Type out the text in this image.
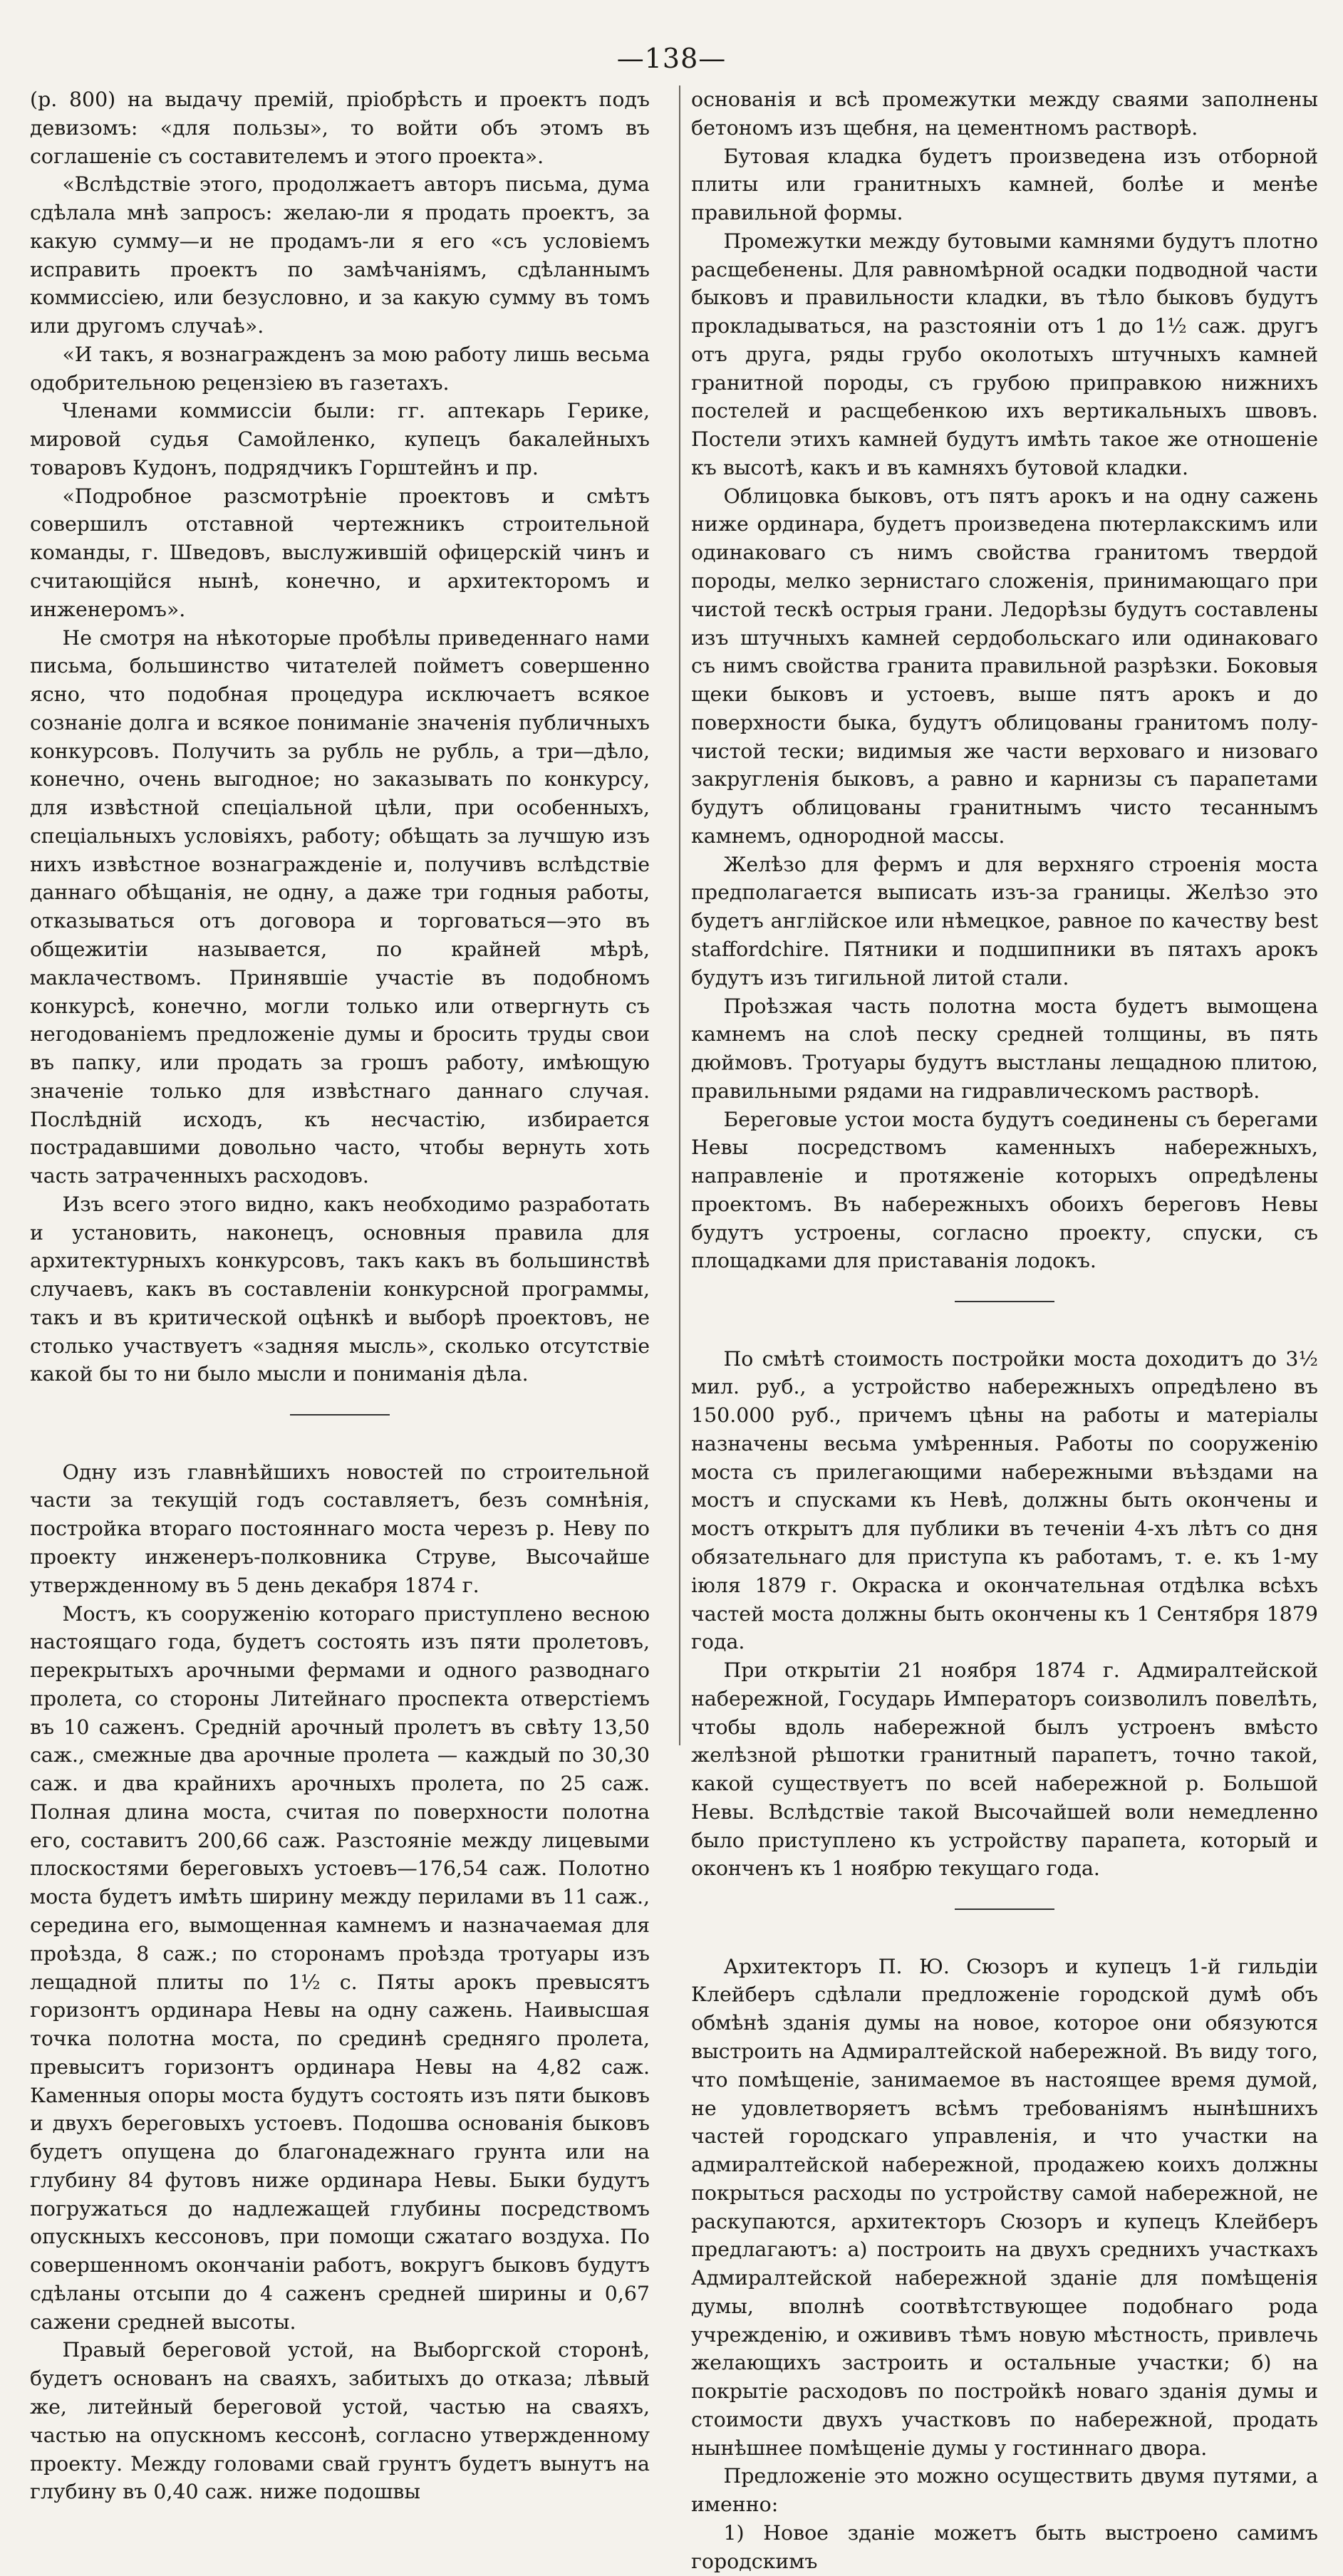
—138—

(р. 800) на выдачу премій, пріобрѣсть и проектъ подъ девизомъ: «для пользы», то войти объ этомъ въ соглашеніе съ составителемъ и этого проекта».

«Вслѣдствіе этого, продолжаетъ авторъ письма, дума сдѣлала мнѣ запросъ: желаю-ли я продать проектъ, за какую сумму—и не продамъ-ли я его «съ условіемъ исправить проектъ по замѣчаніямъ, сдѣланнымъ коммиссіею, или безусловно, и за какую сумму въ томъ или другомъ случаѣ».

«И такъ, я вознагражденъ за мою работу лишь весьма одобрительною рецензіею въ газетахъ.

Членами коммиссіи были: гг. аптекарь Герике, мировой судья Самойленко, купецъ бакалейныхъ товаровъ Кудонъ, подрядчикъ Горштейнъ и пр.

«Подробное разсмотрѣніе проектовъ и смѣтъ совершилъ отставной чертежникъ строительной команды, г. Шведовъ, выслужившій офицерскій чинъ и считающійся нынѣ, конечно, и архитекторомъ и инженеромъ».

Не смотря на нѣкоторые пробѣлы приведеннаго нами письма, большинство читателей пойметъ совершенно ясно, что подобная процедура исключаетъ всякое сознаніе долга и всякое пониманіе значенія публичныхъ конкурсовъ. Получить за рубль не рубль, а три—дѣло, конечно, очень выгодное; но заказывать по конкурсу, для извѣстной спеціальной цѣли, при особенныхъ, спеціальныхъ условіяхъ, работу; обѣщать за лучшую изъ нихъ извѣстное вознагражденіе и, получивъ вслѣдствіе даннаго обѣщанія, не одну, а даже три годныя работы, отказываться отъ договора и торговаться—это въ общежитіи называется, по крайней мѣрѣ, маклачествомъ. Принявшіе участіе въ подобномъ конкурсѣ, конечно, могли только или отвергнуть съ негодованіемъ предложеніе думы и бросить труды свои въ папку, или продать за грошъ работу, имѣющую значеніе только для извѣстнаго даннаго случая. Послѣдній исходъ, къ несчастію, избирается пострадавшими довольно часто, чтобы вернуть хоть часть затраченныхъ расходовъ.

Изъ всего этого видно, какъ необходимо разработать и установить, наконецъ, основныя правила для архитектурныхъ конкурсовъ, такъ какъ въ большинствѣ случаевъ, какъ въ составленіи конкурсной программы, такъ и въ критической оцѣнкѣ и выборѣ проектовъ, не столько участвуетъ «задняя мысль», сколько отсутствіе какой бы то ни было мысли и пониманія дѣла.

Одну изъ главнѣйшихъ новостей по строительной части за текущій годъ составляетъ, безъ сомнѣнія, постройка втораго постояннаго моста черезъ р. Неву по проекту инженеръ-полковника Струве, Высочайше утвержденному въ 5 день декабря 1874 г.

Мостъ, къ сооруженію котораго приступлено весною настоящаго года, будетъ состоять изъ пяти пролетовъ, перекрытыхъ арочными фермами и одного разводнаго пролета, со стороны Литейнаго проспекта отверстіемъ въ 10 саженъ. Средній арочный пролетъ въ свѣту 13,50 саж., смежные два арочные пролета — каждый по 30,30 саж. и два крайнихъ арочныхъ пролета, по 25 саж. Полная длина моста, считая по поверхности полотна его, составитъ 200,66 саж. Разстояніе между лицевыми плоскостями береговыхъ устоевъ—176,54 саж. Полотно моста будетъ имѣть ширину между перилами въ 11 саж., середина его, вымощенная камнемъ и назначаемая для проѣзда, 8 саж.; по сторонамъ проѣзда тротуары изъ лещадной плиты по 1½ с. Пяты арокъ превысятъ горизонтъ ординара Невы на одну сажень. Наивысшая точка полотна моста, по срединѣ средняго пролета, превыситъ горизонтъ ординара Невы на 4,82 саж. Каменныя опоры моста будутъ состоять изъ пяти быковъ и двухъ береговыхъ устоевъ. Подошва основанія быковъ будетъ опущена до благонадежнаго грунта или на глубину 84 футовъ ниже ординара Невы. Быки будутъ погружаться до надлежащей глубины посредствомъ опускныхъ кессоновъ, при помощи сжатаго воздуха. По совершенномъ окончаніи работъ, вокругъ быковъ будутъ сдѣланы отсыпи до 4 саженъ средней ширины и 0,67 сажени средней высоты.

Правый береговой устой, на Выборгской сторонѣ, будетъ основанъ на сваяхъ, забитыхъ до отказа; лѣвый же, литейный береговой устой, частью на сваяхъ, частью на опускномъ кессонѣ, согласно утвержденному проекту. Между головами свай грунтъ будетъ вынутъ на глубину въ 0,40 саж. ниже подошвы

основанія и всѣ промежутки между сваями заполнены бетономъ изъ щебня, на цементномъ растворѣ.

Бутовая кладка будетъ произведена изъ отборной плиты или гранитныхъ камней, болѣе и менѣе правильной формы.

Промежутки между бутовыми камнями будутъ плотно расщебенены. Для равномѣрной осадки подводной части быковъ и правильности кладки, въ тѣло быковъ будутъ прокладываться, на разстояніи отъ 1 до 1½ саж. другъ отъ друга, ряды грубо околотыхъ штучныхъ камней гранитной породы, съ грубою приправкою нижнихъ постелей и расщебенкою ихъ вертикальныхъ швовъ. Постели этихъ камней будутъ имѣть такое же отношеніе къ высотѣ, какъ и въ камняхъ бутовой кладки.

Облицовка быковъ, отъ пятъ арокъ и на одну сажень ниже ординара, будетъ произведена пютерлакскимъ или одинаковаго съ нимъ свойства гранитомъ твердой породы, мелко зернистаго сложенія, принимающаго при чистой тескѣ острыя грани. Ледорѣзы будутъ составлены изъ штучныхъ камней сердобольскаго или одинаковаго съ нимъ свойства гранита правильной разрѣзки. Боковыя щеки быковъ и устоевъ, выше пятъ арокъ и до поверхности быка, будутъ облицованы гранитомъ полу-чистой тески; видимыя же части верховаго и низоваго закругленія быковъ, а равно и карнизы съ парапетами будутъ облицованы гранитнымъ чисто тесаннымъ камнемъ, однородной массы.

Желѣзо для фермъ и для верхняго строенія моста предполагается выписать изъ-за границы. Желѣзо это будетъ англійское или нѣмецкое, равное по качеству best staffordchire. Пятники и подшипники въ пятахъ арокъ будутъ изъ тигильной литой стали.

Проѣзжая часть полотна моста будетъ вымощена камнемъ на слоѣ песку средней толщины, въ пять дюймовъ. Тротуары будутъ выстланы лещадною плитою, правильными рядами на гидравлическомъ растворѣ.

Береговые устои моста будутъ соединены съ берегами Невы посредствомъ каменныхъ набережныхъ, направленіе и протяженіе которыхъ опредѣлены проектомъ. Въ набережныхъ обоихъ береговъ Невы будутъ устроены, согласно проекту, спуски, съ площадками для приставанія лодокъ.

По смѣтѣ стоимость постройки моста доходитъ до 3½ мил. руб., а устройство набережныхъ опредѣлено въ 150.000 руб., причемъ цѣны на работы и матеріалы назначены весьма умѣренныя. Работы по сооруженію моста съ прилегающими набережными въѣздами на мостъ и спусками къ Невѣ, должны быть окончены и мостъ открытъ для публики въ теченіи 4-хъ лѣтъ со дня обязательнаго для приступа къ работамъ, т. е. къ 1-му іюля 1879 г. Окраска и окончательная отдѣлка всѣхъ частей моста должны быть окончены къ 1 Сентября 1879 года.

При открытіи 21 ноября 1874 г. Адмиралтейской набережной, Государь Императоръ соизволилъ повелѣть, чтобы вдоль набережной былъ устроенъ вмѣсто желѣзной рѣшотки гранитный парапетъ, точно такой, какой существуетъ по всей набережной р. Большой Невы. Вслѣдствіе такой Высочайшей воли немедленно было приступлено къ устройству парапета, который и оконченъ къ 1 ноябрю текущаго года.

Архитекторъ П. Ю. Сюзоръ и купецъ 1-й гильдіи Клейберъ сдѣлали предложеніе городской думѣ объ обмѣнѣ зданія думы на новое, которое они обязуются выстроить на Адмиралтейской набережной. Въ виду того, что помѣщеніе, занимаемое въ настоящее время думой, не удовлетворяетъ всѣмъ требованіямъ нынѣшнихъ частей городскаго управленія, и что участки на адмиралтейской набережной, продажею коихъ должны покрыться расходы по устройству самой набережной, не раскупаются, архитекторъ Сюзоръ и купецъ Клейберъ предлагаютъ: а) построить на двухъ среднихъ участкахъ Адмиралтейской набережной зданіе для помѣщенія думы, вполнѣ соотвѣтствующее подобнаго рода учрежденію, и ожививъ тѣмъ новую мѣстность, привлечь желающихъ застроить и остальные участки; б) на покрытіе расходовъ по постройкѣ новаго зданія думы и стоимости двухъ участковъ по набережной, продать нынѣшнее помѣщеніе думы у гостиннаго двора.

Предложеніе это можно осуществить двумя путями, а именно:

1) Новое зданіе можетъ быть выстроено самимъ городскимъ
